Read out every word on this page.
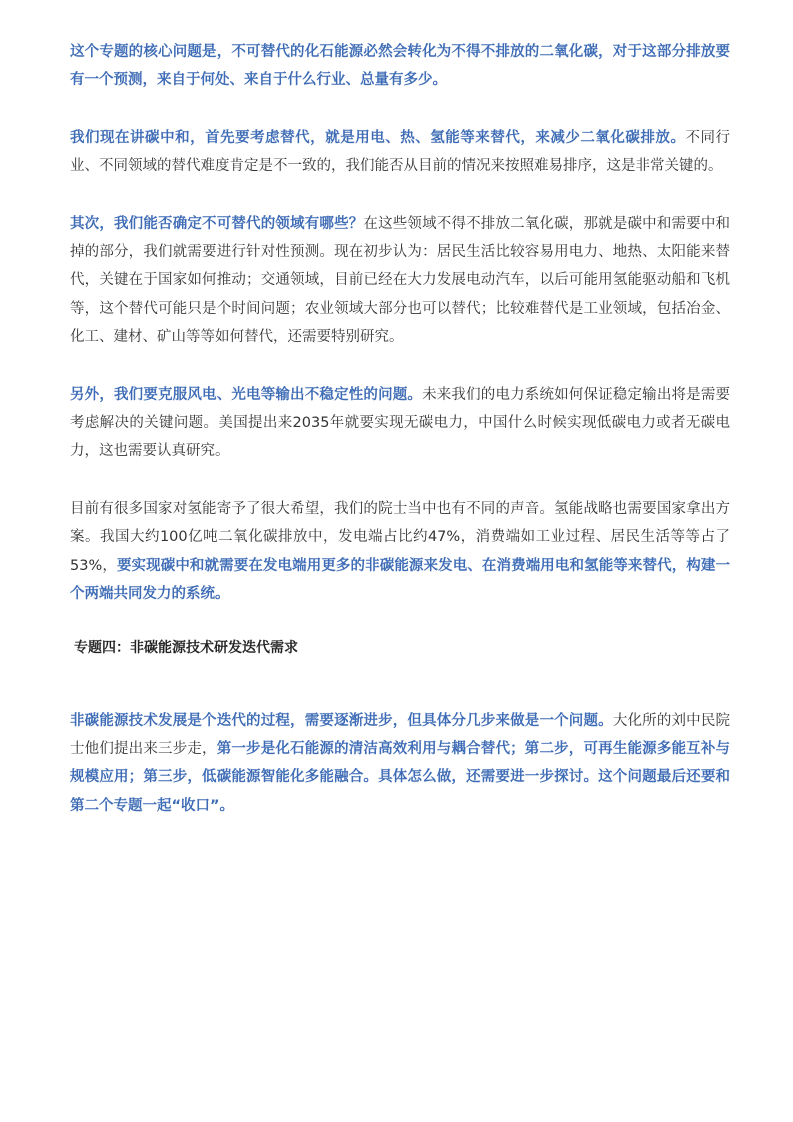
这个专题的核心问题是，不可替代的化石能源必然会转化为不得不排放的二氧化碳，对于这部分排放要有一个预测，来自于何处、来自于什么行业、总量有多少。

我们现在讲碳中和，首先要考虑替代，就是用电、热、氢能等来替代，来减少二氧化碳排放。不同行业、不同领域的替代难度肯定是不一致的，我们能否从目前的情况来按照难易排序，这是非常关键的。

其次，我们能否确定不可替代的领域有哪些？在这些领域不得不排放二氧化碳，那就是碳中和需要中和掉的部分，我们就需要进行针对性预测。现在初步认为：居民生活比较容易用电力、地热、太阳能来替代，关键在于国家如何推动；交通领域，目前已经在大力发展电动汽车，以后可能用氢能驱动船和飞机等，这个替代可能只是个时间问题；农业领域大部分也可以替代；比较难替代是工业领域，包括冶金、化工、建材、矿山等等如何替代，还需要特别研究。

另外，我们要克服风电、光电等输出不稳定性的问题。未来我们的电力系统如何保证稳定输出将是需要考虑解决的关键问题。美国提出来2035年就要实现无碳电力，中国什么时候实现低碳电力或者无碳电力，这也需要认真研究。

目前有很多国家对氢能寄予了很大希望，我们的院士当中也有不同的声音。氢能战略也需要国家拿出方案。我国大约100亿吨二氧化碳排放中，发电端占比约47%，消费端如工业过程、居民生活等等占了53%，要实现碳中和就需要在发电端用更多的非碳能源来发电、在消费端用电和氢能等来替代，构建一个两端共同发力的系统。

专题四：非碳能源技术研发迭代需求

非碳能源技术发展是个迭代的过程，需要逐渐进步，但具体分几步来做是一个问题。大化所的刘中民院士他们提出来三步走，第一步是化石能源的清洁高效利用与耦合替代；第二步，可再生能源多能互补与规模应用；第三步，低碳能源智能化多能融合。具体怎么做，还需要进一步探讨。这个问题最后还要和第二个专题一起“收口”。
